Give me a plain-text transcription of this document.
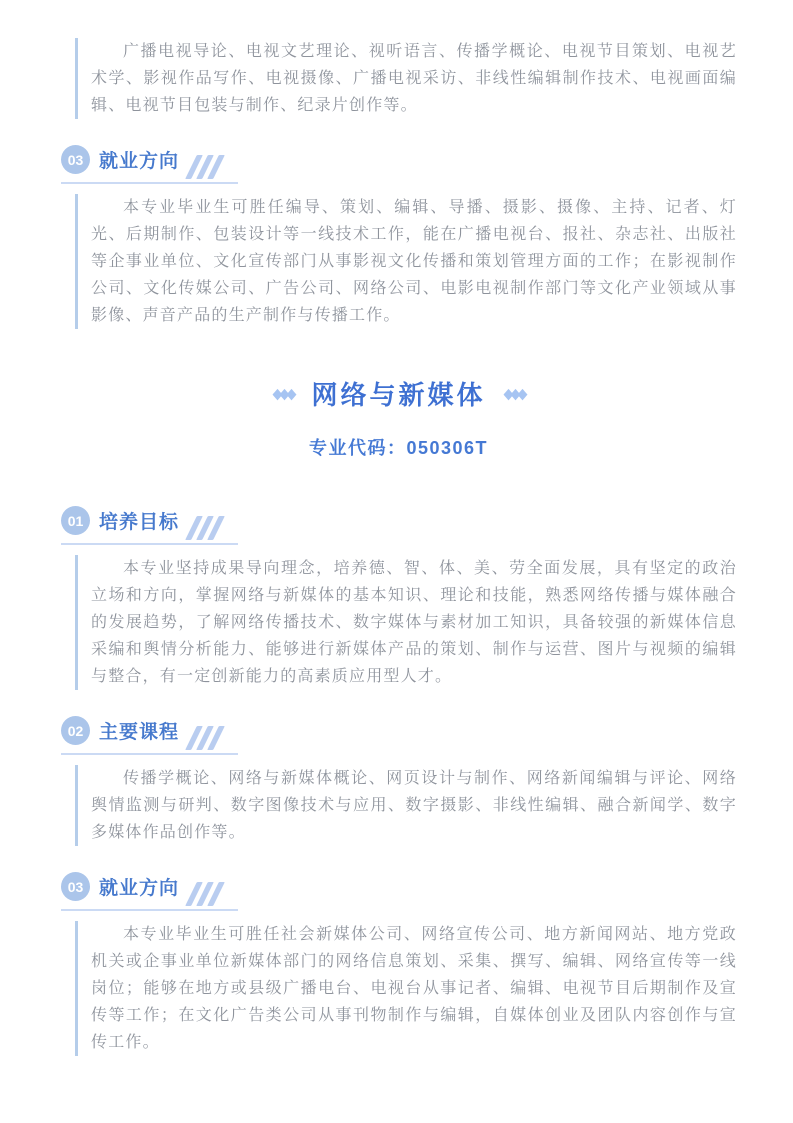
广播电视导论、电视文艺理论、视听语言、传播学概论、电视节目策划、电视艺术学、影视作品写作、电视摄像、广播电视采访、非线性编辑制作技术、电视画面编辑、电视节目包装与制作、纪录片创作等。

03 就业方向

本专业毕业生可胜任编导、策划、编辑、导播、摄影、摄像、主持、记者、灯光、后期制作、包装设计等一线技术工作，能在广播电视台、报社、杂志社、出版社等企事业单位、文化宣传部门从事影视文化传播和策划管理方面的工作；在影视制作公司、文化传媒公司、广告公司、网络公司、电影电视制作部门等文化产业领域从事影像、声音产品的生产制作与传播工作。

◆◆◆ 网络与新媒体 ◆◆◆
专业代码：050306T
01 培养目标

本专业坚持成果导向理念，培养德、智、体、美、劳全面发展，具有坚定的政治立场和方向，掌握网络与新媒体的基本知识、理论和技能，熟悉网络传播与媒体融合的发展趋势，了解网络传播技术、数字媒体与素材加工知识，具备较强的新媒体信息采编和舆情分析能力、能够进行新媒体产品的策划、制作与运营、图片与视频的编辑与整合，有一定创新能力的高素质应用型人才。

02 主要课程

传播学概论、网络与新媒体概论、网页设计与制作、网络新闻编辑与评论、网络舆情监测与研判、数字图像技术与应用、数字摄影、非线性编辑、融合新闻学、数字多媒体作品创作等。

03 就业方向

本专业毕业生可胜任社会新媒体公司、网络宣传公司、地方新闻网站、地方党政机关或企事业单位新媒体部门的网络信息策划、采集、撰写、编辑、网络宣传等一线岗位；能够在地方或县级广播电台、电视台从事记者、编辑、电视节目后期制作及宣传等工作；在文化广告类公司从事刊物制作与编辑，自媒体创业及团队内容创作与宣传工作。
